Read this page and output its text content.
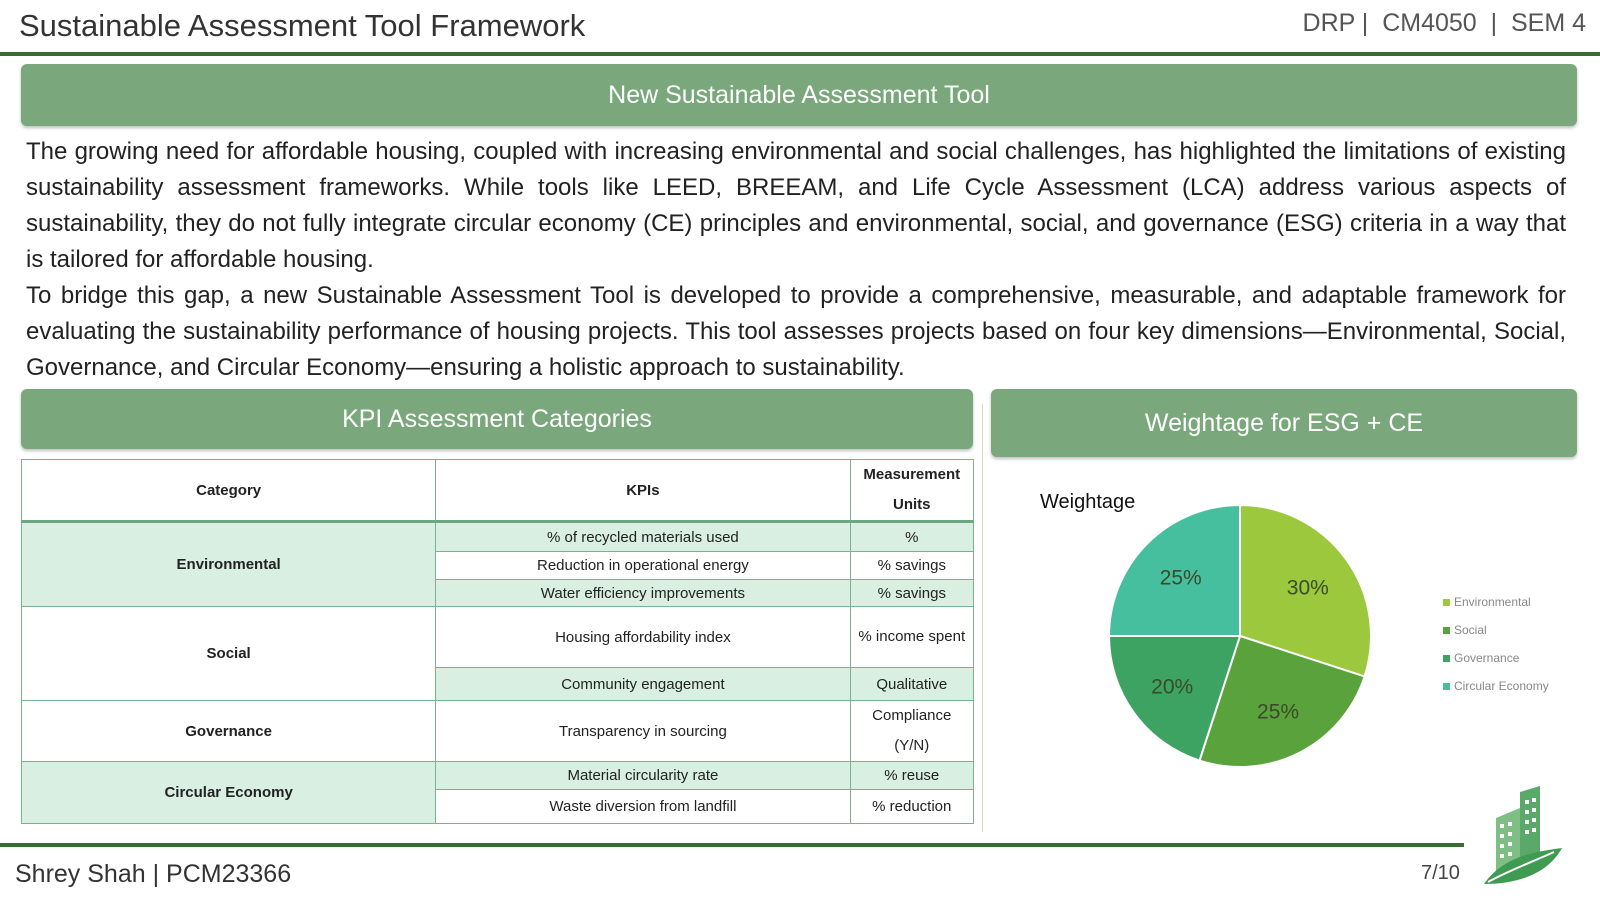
Sustainable Assessment Tool Framework	DRP |  CM4050  |  SEM 4
New Sustainable Assessment Tool

The growing need for affordable housing, coupled with increasing environmental and social challenges, has highlighted the limitations of existing sustainability assessment frameworks. While tools like LEED, BREEAM, and Life Cycle Assessment (LCA) address various aspects of sustainability, they do not fully integrate circular economy (CE) principles and environmental, social, and governance (ESG) criteria in a way that is tailored for affordable housing.

To bridge this gap, a new Sustainable Assessment Tool is developed to provide a comprehensive, measurable, and adaptable framework for evaluating the sustainability performance of housing projects. This tool assesses projects based on four key dimensions—Environmental, Social, Governance, and Circular Economy—ensuring a holistic approach to sustainability.

KPI Assessment Categories	Weightage for ESG + CE
Category	KPIs	Measurement Units
Environmental	% of recycled materials used	%
	Reduction in operational energy	% savings
	Water efficiency improvements	% savings
Social	Housing affordability index	% income spent
	Community engagement	Qualitative
Governance	Transparency in sourcing	Compliance (Y/N)
Circular Economy	Material circularity rate	% reuse
	Waste diversion from landfill	% reduction
Weightage
30%
25%
20%
25%
Environmental
Social
Governance
Circular Economy
Shrey Shah | PCM23366	7/10
